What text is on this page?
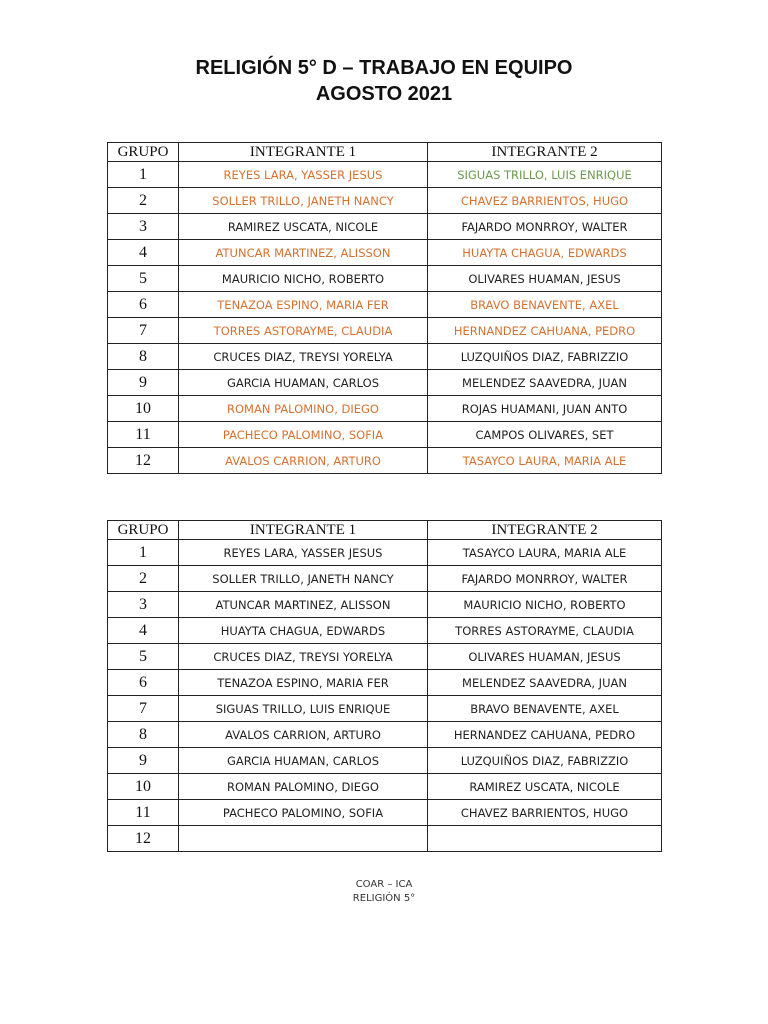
RELIGIÓN 5° D – TRABAJO EN EQUIPO
AGOSTO 2021
GRUPO	INTEGRANTE 1	INTEGRANTE 2
1	REYES LARA, YASSER JESUS	SIGUAS TRILLO, LUIS ENRIQUE
2	SOLLER TRILLO, JANETH NANCY	CHAVEZ BARRIENTOS, HUGO
3	RAMIREZ USCATA, NICOLE	FAJARDO MONRROY, WALTER
4	ATUNCAR MARTINEZ, ALISSON	HUAYTA CHAGUA, EDWARDS
5	MAURICIO NICHO, ROBERTO	OLIVARES HUAMAN, JESUS
6	TENAZOA ESPINO, MARIA FER	BRAVO BENAVENTE, AXEL
7	TORRES ASTORAYME, CLAUDIA	HERNANDEZ CAHUANA, PEDRO
8	CRUCES DIAZ, TREYSI YORELYA	LUZQUIÑOS DIAZ, FABRIZZIO
9	GARCIA HUAMAN, CARLOS	MELENDEZ SAAVEDRA, JUAN
10	ROMAN PALOMINO, DIEGO	ROJAS HUAMANI, JUAN ANTO
11	PACHECO PALOMINO, SOFIA	CAMPOS OLIVARES, SET
12	AVALOS CARRION, ARTURO	TASAYCO LAURA, MARIA ALE
GRUPO	INTEGRANTE 1	INTEGRANTE 2
1	REYES LARA, YASSER JESUS	TASAYCO LAURA, MARIA ALE
2	SOLLER TRILLO, JANETH NANCY	FAJARDO MONRROY, WALTER
3	ATUNCAR MARTINEZ, ALISSON	MAURICIO NICHO, ROBERTO
4	HUAYTA CHAGUA, EDWARDS	TORRES ASTORAYME, CLAUDIA
5	CRUCES DIAZ, TREYSI YORELYA	OLIVARES HUAMAN, JESUS
6	TENAZOA ESPINO, MARIA FER	MELENDEZ SAAVEDRA, JUAN
7	SIGUAS TRILLO, LUIS ENRIQUE	BRAVO BENAVENTE, AXEL
8	AVALOS CARRION, ARTURO	HERNANDEZ CAHUANA, PEDRO
9	GARCIA HUAMAN, CARLOS	LUZQUIÑOS DIAZ, FABRIZZIO
10	ROMAN PALOMINO, DIEGO	RAMIREZ USCATA, NICOLE
11	PACHECO PALOMINO, SOFIA	CHAVEZ BARRIENTOS, HUGO
12		
COAR – ICA
RELIGIÓN 5°
